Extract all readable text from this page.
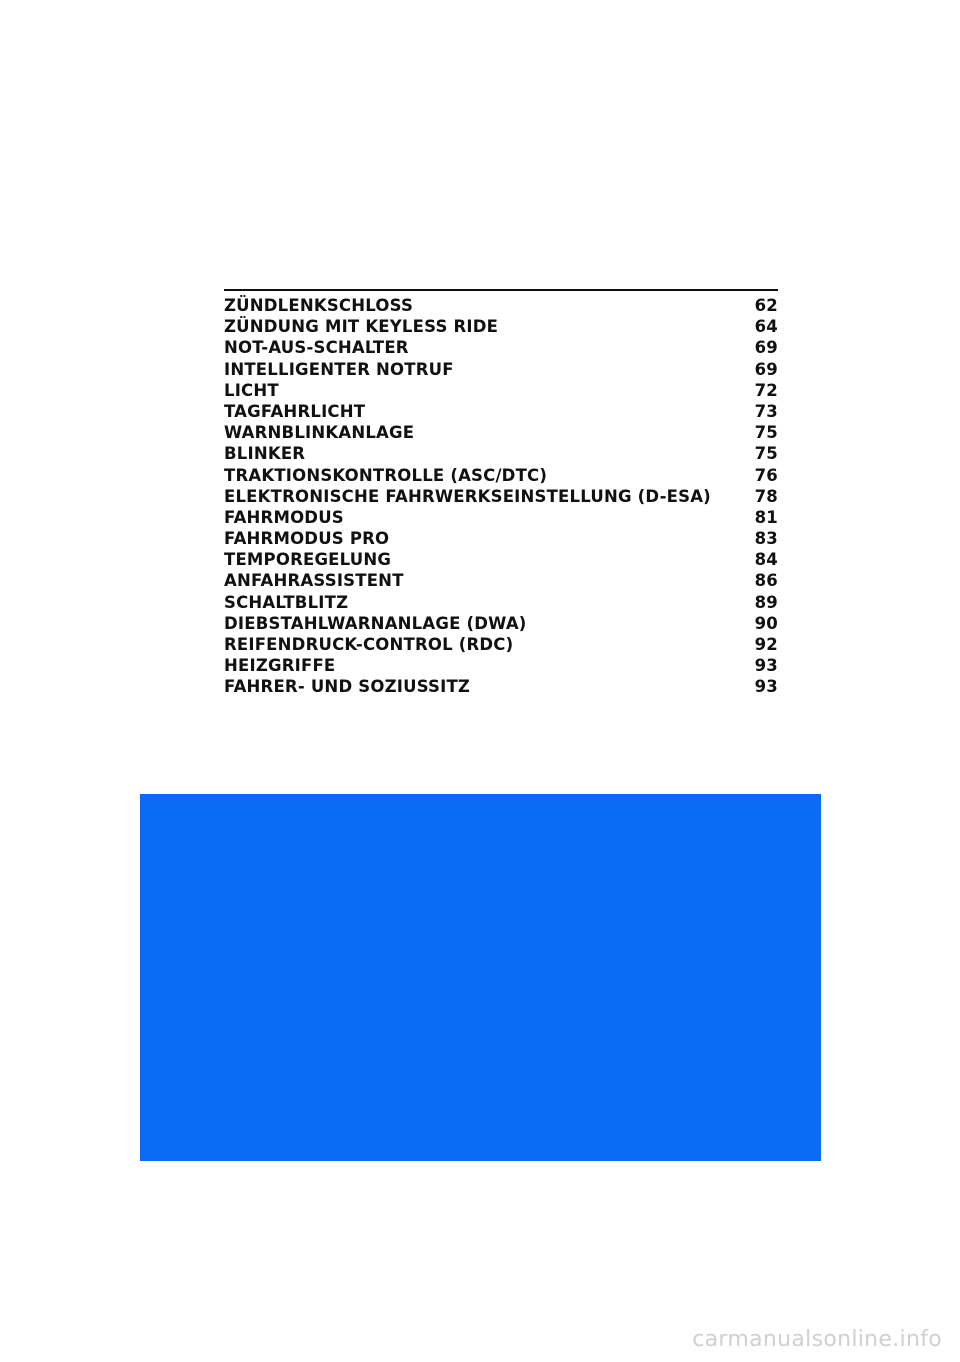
ZÜNDLENKSCHLOSS	62
ZÜNDUNG MIT KEYLESS RIDE	64
NOT-AUS-SCHALTER	69
INTELLIGENTER NOTRUF	69
LICHT	72
TAGFAHRLICHT	73
WARNBLINKANLAGE	75
BLINKER	75
TRAKTIONSKONTROLLE (ASC/DTC)	76
ELEKTRONISCHE FAHRWERKSEINSTELLUNG (D-ESA)	78
FAHRMODUS	81
FAHRMODUS PRO	83
TEMPOREGELUNG	84
ANFAHRASSISTENT	86
SCHALTBLITZ	89
DIEBSTAHLWARNANLAGE (DWA)	90
REIFENDRUCK-CONTROL (RDC)	92
HEIZGRIFFE	93
FAHRER- UND SOZIUSSITZ	93
carmanualsonline.info
